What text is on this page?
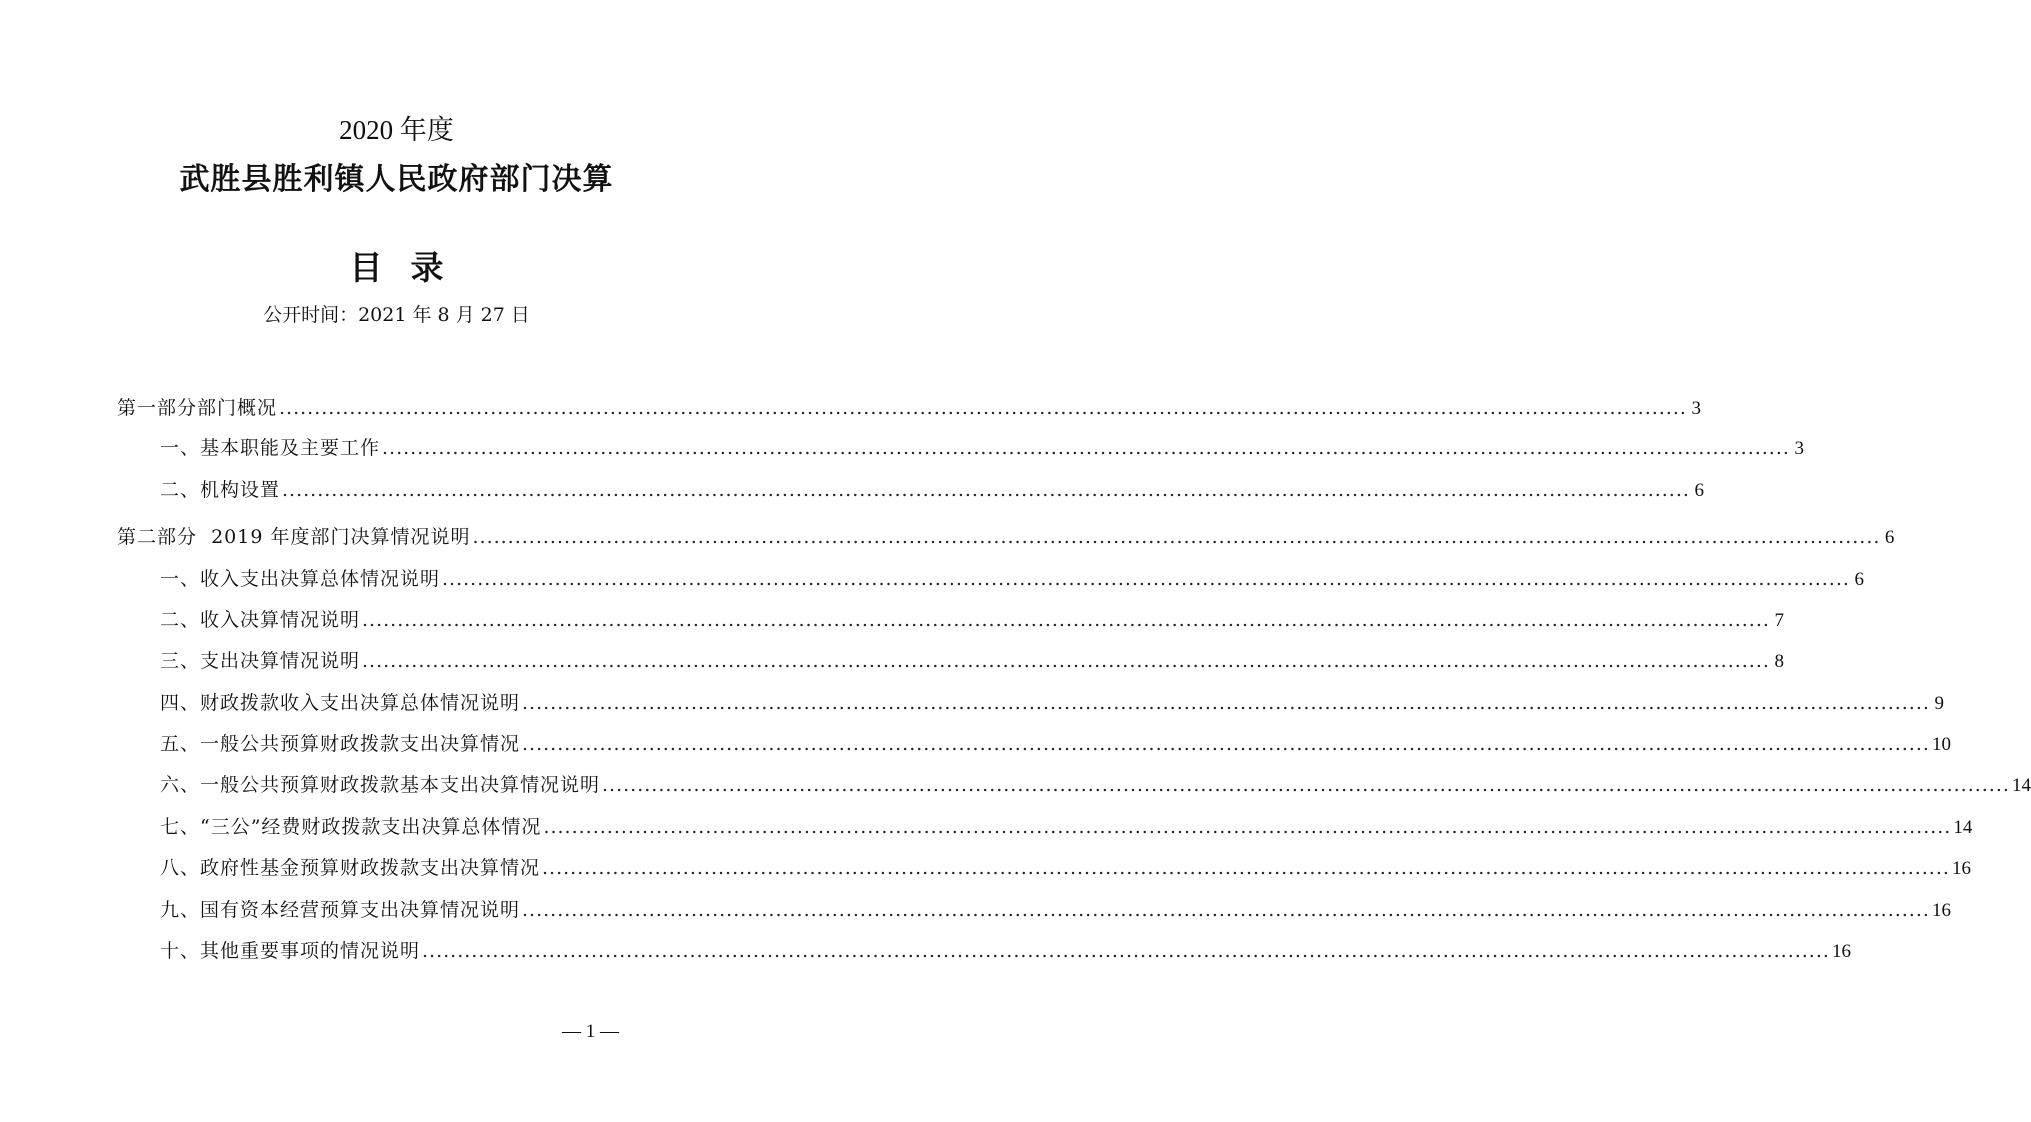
2020 年度
武胜县胜利镇人民政府部门决算
目录
公开时间：2021 年 8 月 27 日
第一部分部门概况 ........................................................................................................................................................................................................ 3
一、基本职能及主要工作 ........................................................................................................................................................................................................ 3
二、机构设置 ........................................................................................................................................................................................................ 6
第二部分  2019 年度部门决算情况说明 ........................................................................................................................................................................................................ 6
一、收入支出决算总体情况说明 ........................................................................................................................................................................................................ 6
二、收入决算情况说明 ........................................................................................................................................................................................................ 7
三、支出决算情况说明 ........................................................................................................................................................................................................ 8
四、财政拨款收入支出决算总体情况说明 ........................................................................................................................................................................................................ 9
五、一般公共预算财政拨款支出决算情况 ........................................................................................................................................................................................................ 10
六、一般公共预算财政拨款基本支出决算情况说明 ........................................................................................................................................................................................................ 14
七、“三公”经费财政拨款支出决算总体情况 ........................................................................................................................................................................................................ 14
八、政府性基金预算财政拨款支出决算情况 ........................................................................................................................................................................................................ 16
九、国有资本经营预算支出决算情况说明 ........................................................................................................................................................................................................ 16
十、其他重要事项的情况说明 ........................................................................................................................................................................................................ 16
— 1 —
